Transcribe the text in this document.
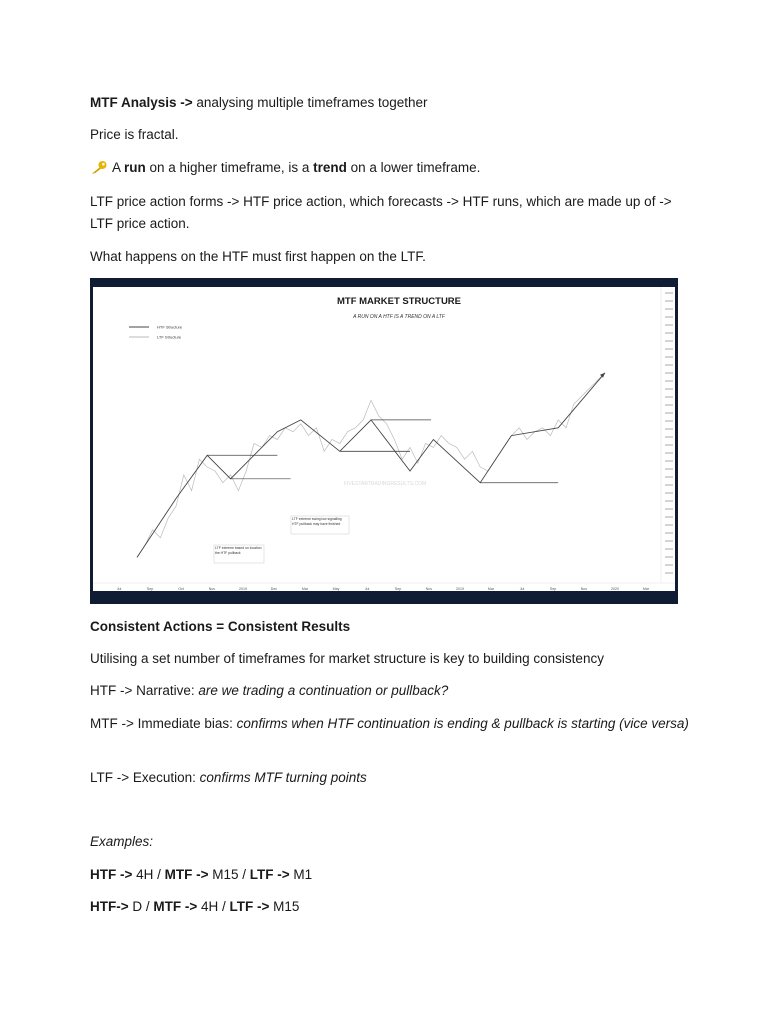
MTF Analysis -> analysing multiple timeframes together
Price is fractal.
A run on a higher timeframe, is a trend on a lower timeframe.
LTF price action forms -> HTF price action, which forecasts -> HTF runs, which are made up of -> LTF price action.
What happens on the HTF must first happen on the LTF.
FIVESTARTRADINGRESULTS.COM
MTF MARKET STRUCTURE
A RUN ON A HTF IS A TREND ON A LTF
HTF Structure
LTF Structure
LTF extreme swing low signalling HTF pullback may have finished
LTF extreme based on location the HTF pullback
Jul	Sep	Oct	Nov	2019	Dec	Mar	May	Jul	Sep	Nov	2019	Mar	Jul	Sep	Nov	2020	Mar
Consistent Actions = Consistent Results
Utilising a set number of timeframes for market structure is key to building consistency
HTF -> Narrative: are we trading a continuation or pullback?
MTF -> Immediate bias: confirms when HTF continuation is ending & pullback is starting (vice versa)
LTF -> Execution: confirms MTF turning points
Examples:
HTF -> 4H / MTF -> M15 / LTF -> M1
HTF-> D / MTF -> 4H / LTF -> M15
